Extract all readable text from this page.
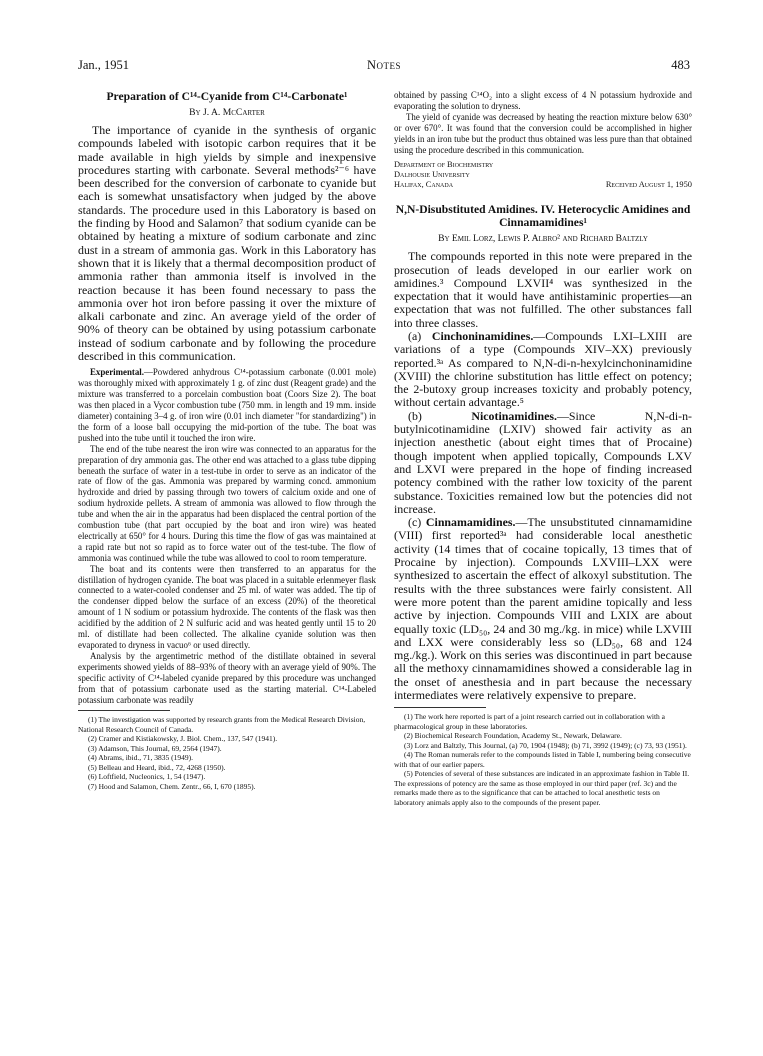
Jan., 1951	Notes	483
Preparation of C¹⁴-Cyanide from C¹⁴-Carbonate¹
By J. A. McCarter

The importance of cyanide in the synthesis of organic compounds labeled with isotopic carbon requires that it be made available in high yields by simple and inexpensive procedures starting with carbonate. Several methods²⁻⁶ have been described for the conversion of carbonate to cyanide but each is somewhat unsatisfactory when judged by the above standards. The procedure used in this Laboratory is based on the finding by Hood and Salamon⁷ that sodium cyanide can be obtained by heating a mixture of sodium carbonate and zinc dust in a stream of ammonia gas. Work in this Laboratory has shown that it is likely that a thermal decomposition product of ammonia rather than ammonia itself is involved in the reaction because it has been found necessary to pass the ammonia over hot iron before passing it over the mixture of alkali carbonate and zinc. An average yield of the order of 90% of theory can be obtained by using potassium carbonate instead of sodium carbonate and by following the procedure described in this communication.

Experimental.—Powdered anhydrous C¹⁴-potassium carbonate (0.001 mole) was thoroughly mixed with approximately 1 g. of zinc dust (Reagent grade) and the mixture was transferred to a porcelain combustion boat (Coors Size 2). The boat was then placed in a Vycor combustion tube (750 mm. in length and 19 mm. inside diameter) containing 3–4 g. of iron wire (0.01 inch diameter "for standardizing") in the form of a loose ball occupying the mid-portion of the tube. The boat was pushed into the tube until it touched the iron wire.

The end of the tube nearest the iron wire was connected to an apparatus for the preparation of dry ammonia gas. The other end was attached to a glass tube dipping beneath the surface of water in a test-tube in order to serve as an indicator of the rate of flow of the gas. Ammonia was prepared by warming concd. ammonium hydroxide and dried by passing through two towers of calcium oxide and one of sodium hydroxide pellets. A stream of ammonia was allowed to flow through the tube and when the air in the apparatus had been displaced the central portion of the combustion tube (that part occupied by the boat and iron wire) was heated electrically at 650° for 4 hours. During this time the flow of gas was maintained at a rapid rate but not so rapid as to force water out of the test-tube. The flow of ammonia was continued while the tube was allowed to cool to room temperature.

The boat and its contents were then transferred to an apparatus for the distillation of hydrogen cyanide. The boat was placed in a suitable erlenmeyer flask connected to a water-cooled condenser and 25 ml. of water was added. The tip of the condenser dipped below the surface of an excess (20%) of the theoretical amount of 1 N sodium or potassium hydroxide. The contents of the flask was then acidified by the addition of 2 N sulfuric acid and was heated gently until 15 to 20 ml. of distillate had been collected. The alkaline cyanide solution was then evaporated to dryness in vacuo⁶ or used directly.

Analysis by the argentimetric method of the distillate obtained in several experiments showed yields of 88–93% of theory with an average yield of 90%. The specific activity of C¹⁴-labeled cyanide prepared by this procedure was unchanged from that of potassium carbonate used as the starting material. C¹⁴-Labeled potassium carbonate was readily

(1) The investigation was supported by research grants from the Medical Research Division, National Research Council of Canada.

(2) Cramer and Kistiakowsky, J. Biol. Chem., 137, 547 (1941).

(3) Adamson, This Journal, 69, 2564 (1947).

(4) Abrams, ibid., 71, 3835 (1949).

(5) Belleau and Heard, ibid., 72, 4268 (1950).

(6) Loftfield, Nucleonics, 1, 54 (1947).

(7) Hood and Salamon, Chem. Zentr., 66, I, 670 (1895).

obtained by passing C¹⁴O₂ into a slight excess of 4 N potassium hydroxide and evaporating the solution to dryness.

The yield of cyanide was decreased by heating the reaction mixture below 630° or over 670°. It was found that the conversion could be accomplished in higher yields in an iron tube but the product thus obtained was less pure than that obtained using the procedure described in this communication.

Department of Biochemistry
Dalhousie University
Halifax, Canada	Received August 1, 1950
N,N-Disubstituted Amidines. IV. Heterocyclic Amidines and Cinnamamidines¹
By Emil Lorz, Lewis P. Albro² and Richard Baltzly

The compounds reported in this note were prepared in the prosecution of leads developed in our earlier work on amidines.³ Compound LXVII⁴ was synthesized in the expectation that it would have antihistaminic properties—an expectation that was not fulfilled. The other substances fall into three classes.

(a) Cinchoninamidines.—Compounds LXI–LXIII are variations of a type (Compounds XIV–XX) previously reported.³ᵃ As compared to N,N-di-n-hexylcinchoninamidine (XVIII) the chlorine substitution has little effect on potency; the 2-butoxy group increases toxicity and probably potency, without certain advantage.⁵

(b) Nicotinamidines.—Since N,N-di-n-butylnicotinamidine (LXIV) showed fair activity as an injection anesthetic (about eight times that of Procaine) though impotent when applied topically, Compounds LXV and LXVI were prepared in the hope of finding increased potency combined with the rather low toxicity of the parent substance. Toxicities remained low but the potencies did not increase.

(c) Cinnamamidines.—The unsubstituted cinnamamidine (VIII) first reported³ᵃ had considerable local anesthetic activity (14 times that of cocaine topically, 13 times that of Procaine by injection). Compounds LXVIII–LXX were synthesized to ascertain the effect of alkoxyl substitution. The results with the three substances were fairly consistent. All were more potent than the parent amidine topically and less active by injection. Compounds VIII and LXIX are about equally toxic (LD₅₀, 24 and 30 mg./kg. in mice) while LXVIII and LXX were considerably less so (LD₅₀, 68 and 124 mg./kg.). Work on this series was discontinued in part because all the methoxy cinnamamidines showed a considerable lag in the onset of anesthesia and in part because the necessary intermediates were relatively expensive to prepare.

(1) The work here reported is part of a joint research carried out in collaboration with a pharmacological group in these laboratories.

(2) Biochemical Research Foundation, Academy St., Newark, Delaware.

(3) Lorz and Baltzly, This Journal, (a) 70, 1904 (1948); (b) 71, 3992 (1949); (c) 73, 93 (1951).

(4) The Roman numerals refer to the compounds listed in Table I, numbering being consecutive with that of our earlier papers.

(5) Potencies of several of these substances are indicated in an approximate fashion in Table II. The expressions of potency are the same as those employed in our third paper (ref. 3c) and the remarks made there as to the significance that can be attached to local anesthetic tests on laboratory animals apply also to the compounds of the present paper.
